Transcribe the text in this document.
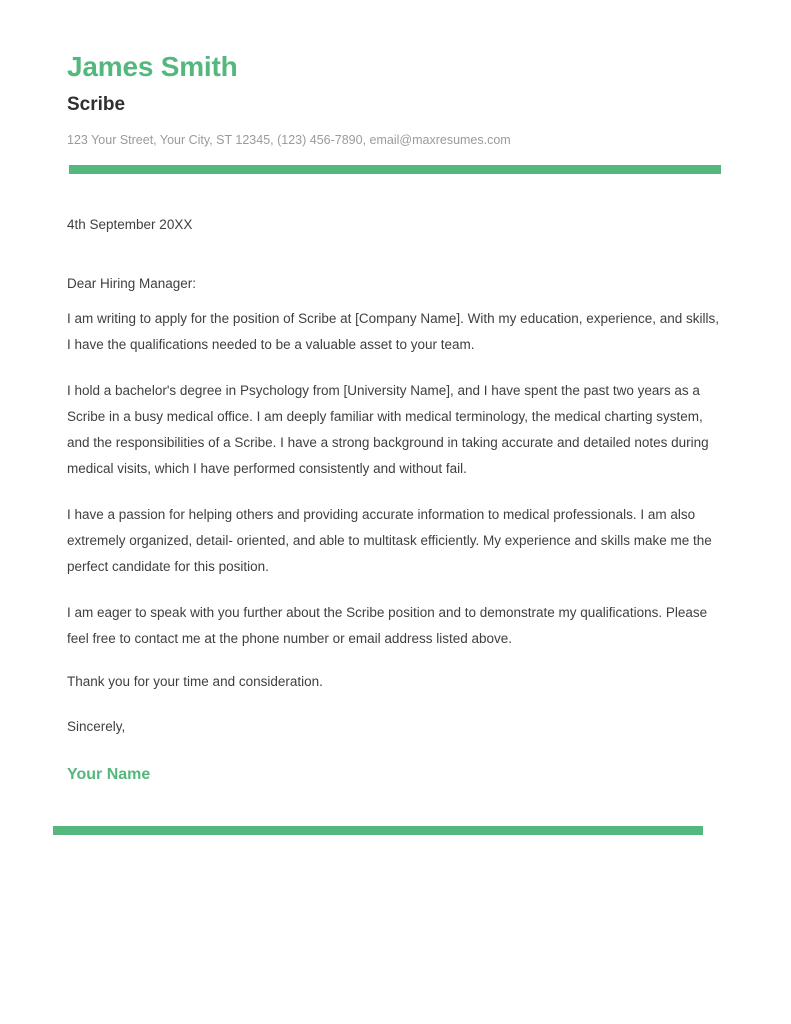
James Smith
Scribe

123 Your Street, Your City, ST 12345, (123) 456-7890, email@maxresumes.com

4th September 20XX

Dear Hiring Manager:

I am writing to apply for the position of Scribe at [Company Name]. With my education, experience, and skills, I have the qualifications needed to be a valuable asset to your team.

I hold a bachelor's degree in Psychology from [University Name], and I have spent the past two years as a Scribe in a busy medical office. I am deeply familiar with medical terminology, the medical charting system, and the responsibilities of a Scribe. I have a strong background in taking accurate and detailed notes during medical visits, which I have performed consistently and without fail.

I have a passion for helping others and providing accurate information to medical professionals. I am also extremely organized, detail- oriented, and able to multitask efficiently. My experience and skills make me the perfect candidate for this position.

I am eager to speak with you further about the Scribe position and to demonstrate my qualifications. Please feel free to contact me at the phone number or email address listed above.

Thank you for your time and consideration.

Sincerely,

Your Name
